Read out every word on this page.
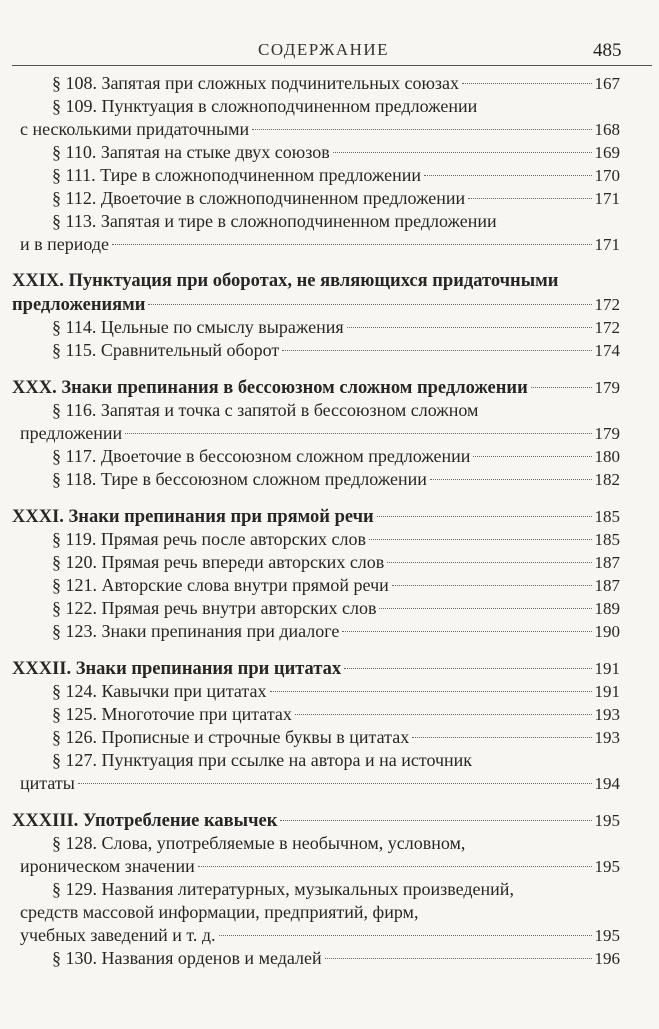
СОДЕРЖАНИЕ	485
§ 108. Запятая при сложных подчинительных союзах	167
§ 109. Пунктуация в сложноподчиненном предложении
с несколькими придаточными	168
§ 110. Запятая на стыке двух союзов	169
§ 111. Тире в сложноподчиненном предложении	170
§ 112. Двоеточие в сложноподчиненном предложении	171
§ 113. Запятая и тире в сложноподчиненном предложении
и в периоде	171
XXIX. Пунктуация при оборотах, не являющихся придаточными
предложениями	172
§ 114. Цельные по смыслу выражения	172
§ 115. Сравнительный оборот	174
XXX. Знаки препинания в бессоюзном сложном предложении	179
§ 116. Запятая и точка с запятой в бессоюзном сложном
предложении	179
§ 117. Двоеточие в бессоюзном сложном предложении	180
§ 118. Тире в бессоюзном сложном предложении	182
XXXI. Знаки препинания при прямой речи	185
§ 119. Прямая речь после авторских слов	185
§ 120. Прямая речь впереди авторских слов	187
§ 121. Авторские слова внутри прямой речи	187
§ 122. Прямая речь внутри авторских слов	189
§ 123. Знаки препинания при диалоге	190
XXXII. Знаки препинания при цитатах	191
§ 124. Кавычки при цитатах	191
§ 125. Многоточие при цитатах	193
§ 126. Прописные и строчные буквы в цитатах	193
§ 127. Пунктуация при ссылке на автора и на источник
цитаты	194
XXXIII. Употребление кавычек	195
§ 128. Слова, употребляемые в необычном, условном,
ироническом значении	195
§ 129. Названия литературных, музыкальных произведений,
средств массовой информации, предприятий, фирм,
учебных заведений и т. д.	195
§ 130. Названия орденов и медалей	196
